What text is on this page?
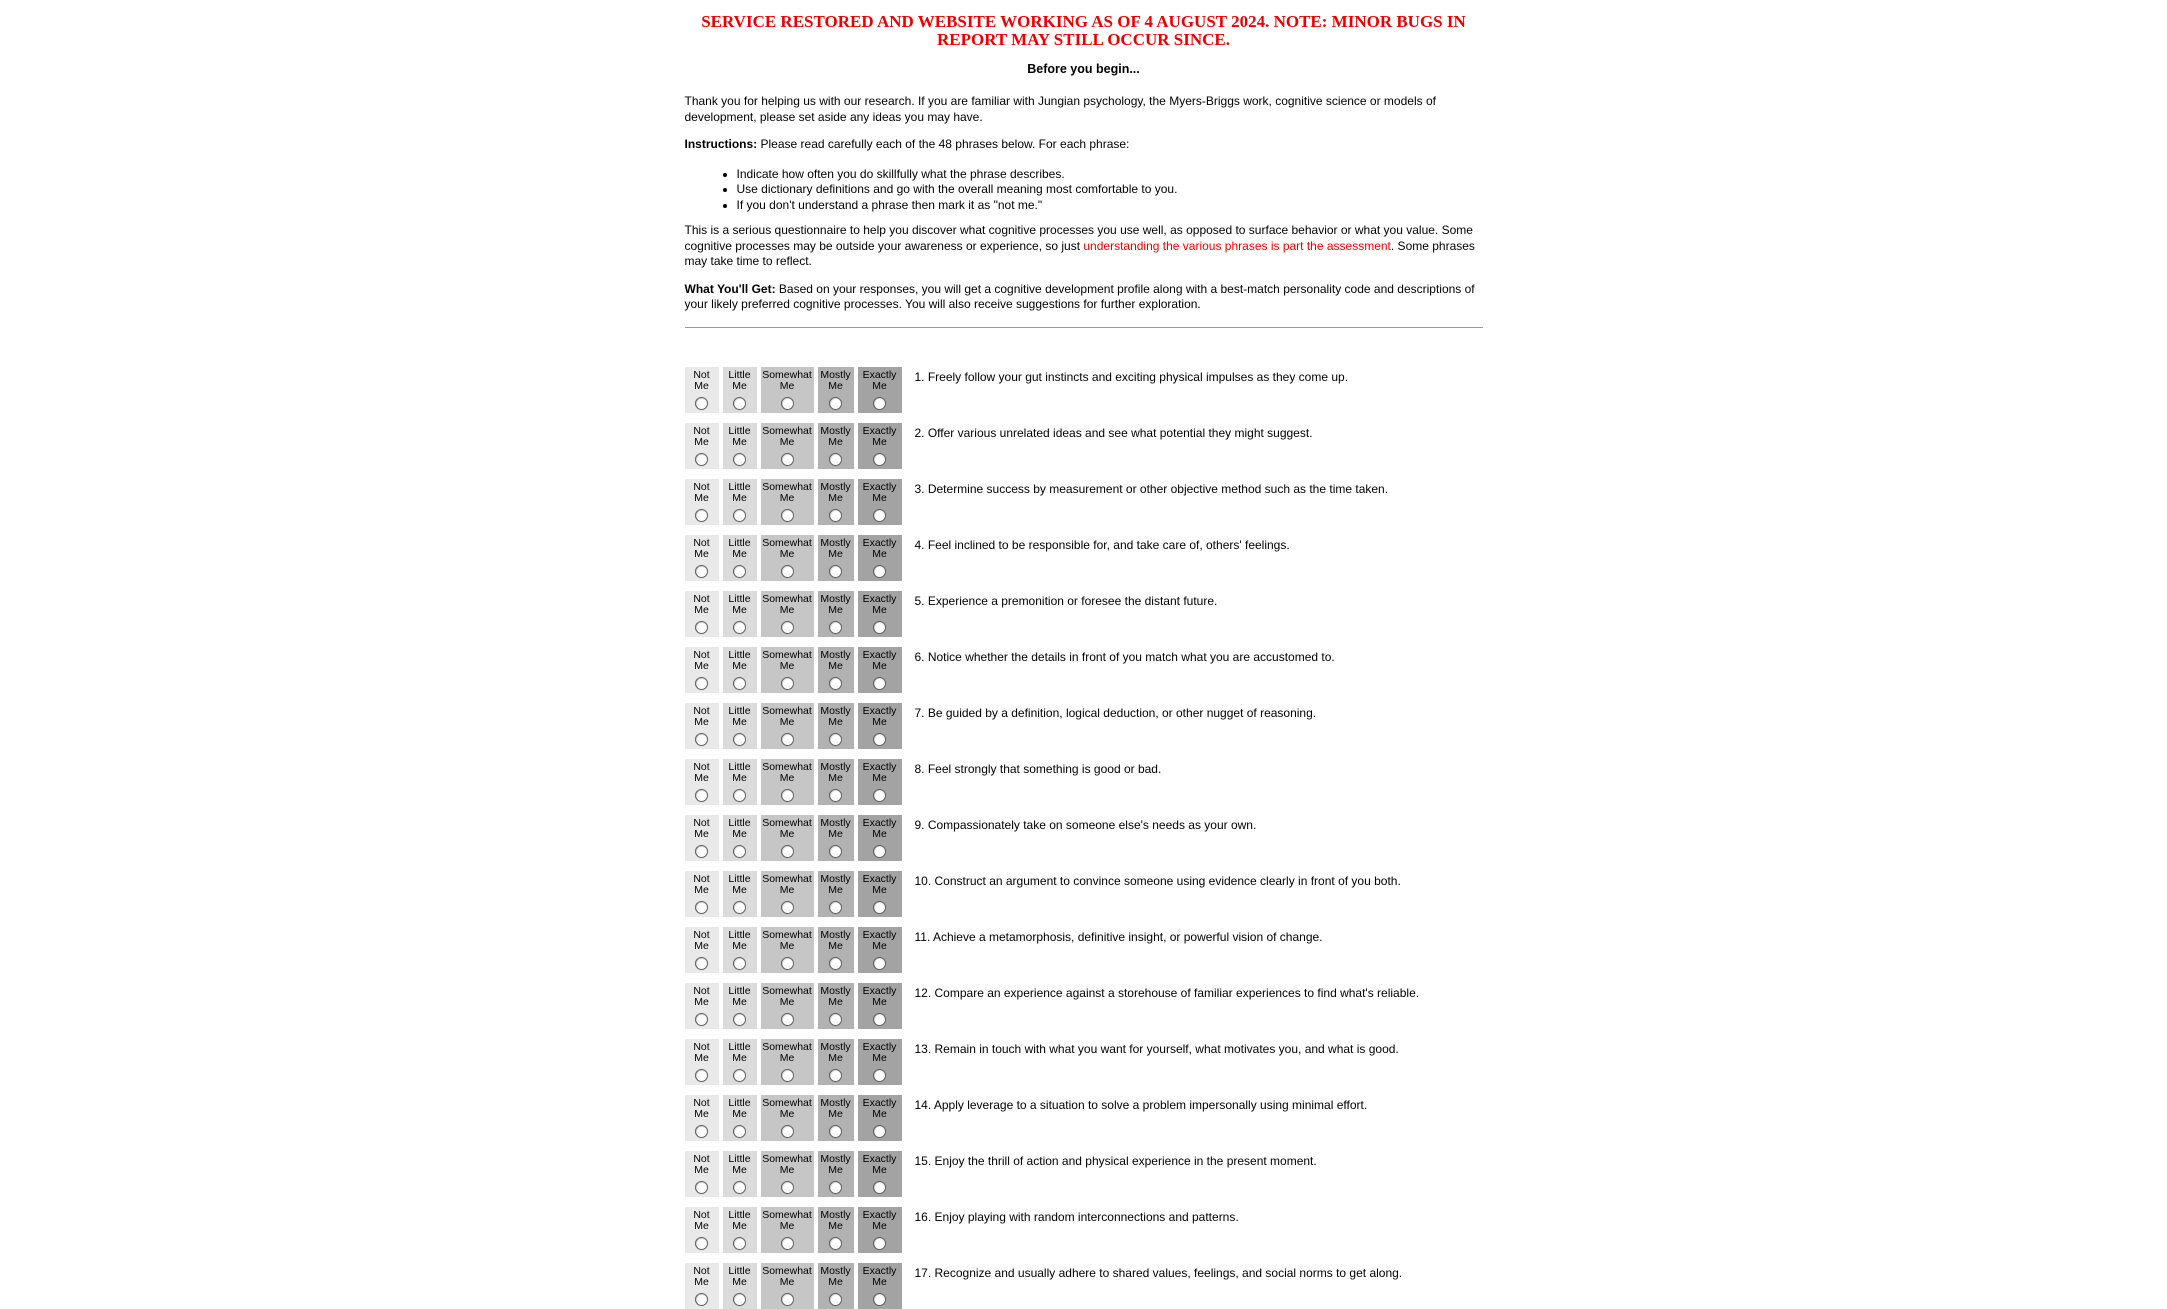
SERVICE RESTORED AND WEBSITE WORKING AS OF 4 AUGUST 2024. NOTE: MINOR BUGS IN REPORT MAY STILL OCCUR SINCE.
Before you begin...

Thank you for helping us with our research. If you are familiar with Jungian psychology, the Myers-Briggs work, cognitive science or models of development, please set aside any ideas you may have.

Instructions: Please read carefully each of the 48 phrases below. For each phrase:

• Indicate how often you do skillfully what the phrase describes.
• Use dictionary definitions and go with the overall meaning most comfortable to you.
• If you don't understand a phrase then mark it as "not me."

This is a serious questionnaire to help you discover what cognitive processes you use well, as opposed to surface behavior or what you value. Some cognitive processes may be outside your awareness or experience, so just understanding the various phrases is part the assessment. Some phrases may take time to reflect.

What You'll Get: Based on your responses, you will get a cognitive development profile along with a best-match personality code and descriptions of your likely preferred cognitive processes. You will also receive suggestions for further exploration.

Not Me
Little Me
Somewhat Me
Mostly Me
Exactly Me
1. Freely follow your gut instincts and exciting physical impulses as they come up.
Not Me
Little Me
Somewhat Me
Mostly Me
Exactly Me
2. Offer various unrelated ideas and see what potential they might suggest.
Not Me
Little Me
Somewhat Me
Mostly Me
Exactly Me
3. Determine success by measurement or other objective method such as the time taken.
Not Me
Little Me
Somewhat Me
Mostly Me
Exactly Me
4. Feel inclined to be responsible for, and take care of, others' feelings.
Not Me
Little Me
Somewhat Me
Mostly Me
Exactly Me
5. Experience a premonition or foresee the distant future.
Not Me
Little Me
Somewhat Me
Mostly Me
Exactly Me
6. Notice whether the details in front of you match what you are accustomed to.
Not Me
Little Me
Somewhat Me
Mostly Me
Exactly Me
7. Be guided by a definition, logical deduction, or other nugget of reasoning.
Not Me
Little Me
Somewhat Me
Mostly Me
Exactly Me
8. Feel strongly that something is good or bad.
Not Me
Little Me
Somewhat Me
Mostly Me
Exactly Me
9. Compassionately take on someone else's needs as your own.
Not Me
Little Me
Somewhat Me
Mostly Me
Exactly Me
10. Construct an argument to convince someone using evidence clearly in front of you both.
Not Me
Little Me
Somewhat Me
Mostly Me
Exactly Me
11. Achieve a metamorphosis, definitive insight, or powerful vision of change.
Not Me
Little Me
Somewhat Me
Mostly Me
Exactly Me
12. Compare an experience against a storehouse of familiar experiences to find what's reliable.
Not Me
Little Me
Somewhat Me
Mostly Me
Exactly Me
13. Remain in touch with what you want for yourself, what motivates you, and what is good.
Not Me
Little Me
Somewhat Me
Mostly Me
Exactly Me
14. Apply leverage to a situation to solve a problem impersonally using minimal effort.
Not Me
Little Me
Somewhat Me
Mostly Me
Exactly Me
15. Enjoy the thrill of action and physical experience in the present moment.
Not Me
Little Me
Somewhat Me
Mostly Me
Exactly Me
16. Enjoy playing with random interconnections and patterns.
Not Me
Little Me
Somewhat Me
Mostly Me
Exactly Me
17. Recognize and usually adhere to shared values, feelings, and social norms to get along.
